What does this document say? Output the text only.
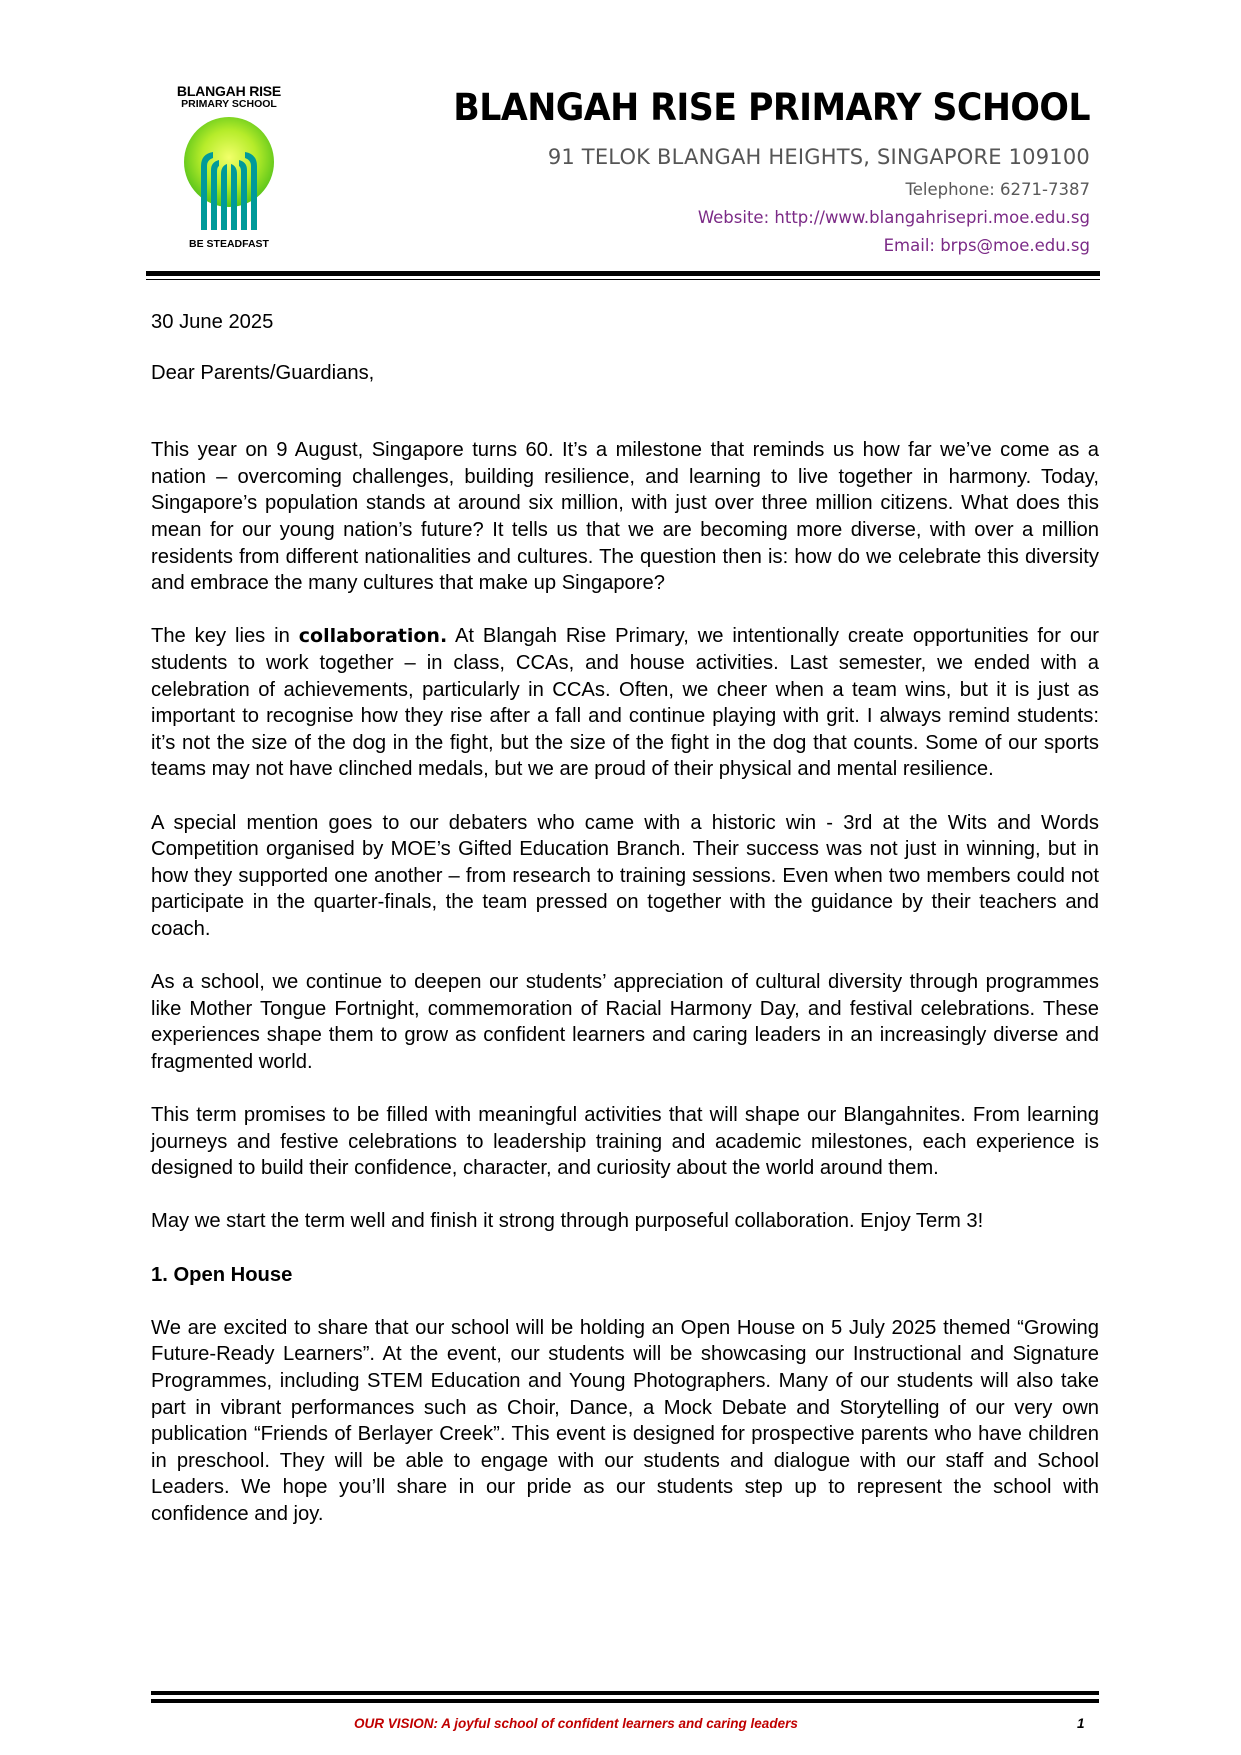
BLANGAH RISE
PRIMARY SCHOOL
BE STEADFAST
BLANGAH RISE PRIMARY SCHOOL
91 TELOK BLANGAH HEIGHTS, SINGAPORE 109100
Telephone: 6271-7387
Website: http://www.blangahrisepri.moe.edu.sg
Email: brps@moe.edu.sg

30 June 2025

Dear Parents/Guardians,

This year on 9 August, Singapore turns 60. It’s a milestone that reminds us how far we’ve come as a nation – overcoming challenges, building resilience, and learning to live together in harmony. Today, Singapore’s population stands at around six million, with just over three million citizens. What does this mean for our young nation’s future? It tells us that we are becoming more diverse, with over a million residents from different nationalities and cultures. The question then is: how do we celebrate this diversity and embrace the many cultures that make up Singapore?

The key lies in collaboration. At Blangah Rise Primary, we intentionally create opportunities for our students to work together – in class, CCAs, and house activities. Last semester, we ended with a celebration of achievements, particularly in CCAs. Often, we cheer when a team wins, but it is just as important to recognise how they rise after a fall and continue playing with grit. I always remind students: it’s not the size of the dog in the fight, but the size of the fight in the dog that counts. Some of our sports teams may not have clinched medals, but we are proud of their physical and mental resilience.

A special mention goes to our debaters who came with a historic win - 3rd at the Wits and Words Competition organised by MOE’s Gifted Education Branch. Their success was not just in winning, but in how they supported one another – from research to training sessions. Even when two members could not participate in the quarter-finals, the team pressed on together with the guidance by their teachers and coach.

As a school, we continue to deepen our students’ appreciation of cultural diversity through programmes like Mother Tongue Fortnight, commemoration of Racial Harmony Day, and festival celebrations. These experiences shape them to grow as confident learners and caring leaders in an increasingly diverse and fragmented world.

This term promises to be filled with meaningful activities that will shape our Blangahnites. From learning journeys and festive celebrations to leadership training and academic milestones, each experience is designed to build their confidence, character, and curiosity about the world around them.

May we start the term well and finish it strong through purposeful collaboration. Enjoy Term 3!

1. Open House

We are excited to share that our school will be holding an Open House on 5 July 2025 themed “Growing Future-Ready Learners”. At the event, our students will be showcasing our Instructional and Signature Programmes, including STEM Education and Young Photographers. Many of our students will also take part in vibrant performances such as Choir, Dance, a Mock Debate and Storytelling of our very own publication “Friends of Berlayer Creek”. This event is designed for prospective parents who have children in preschool. They will be able to engage with our students and dialogue with our staff and School Leaders. We hope you’ll share in our pride as our students step up to represent the school with confidence and joy.

OUR VISION: A joyful school of confident learners and caring leaders	1
